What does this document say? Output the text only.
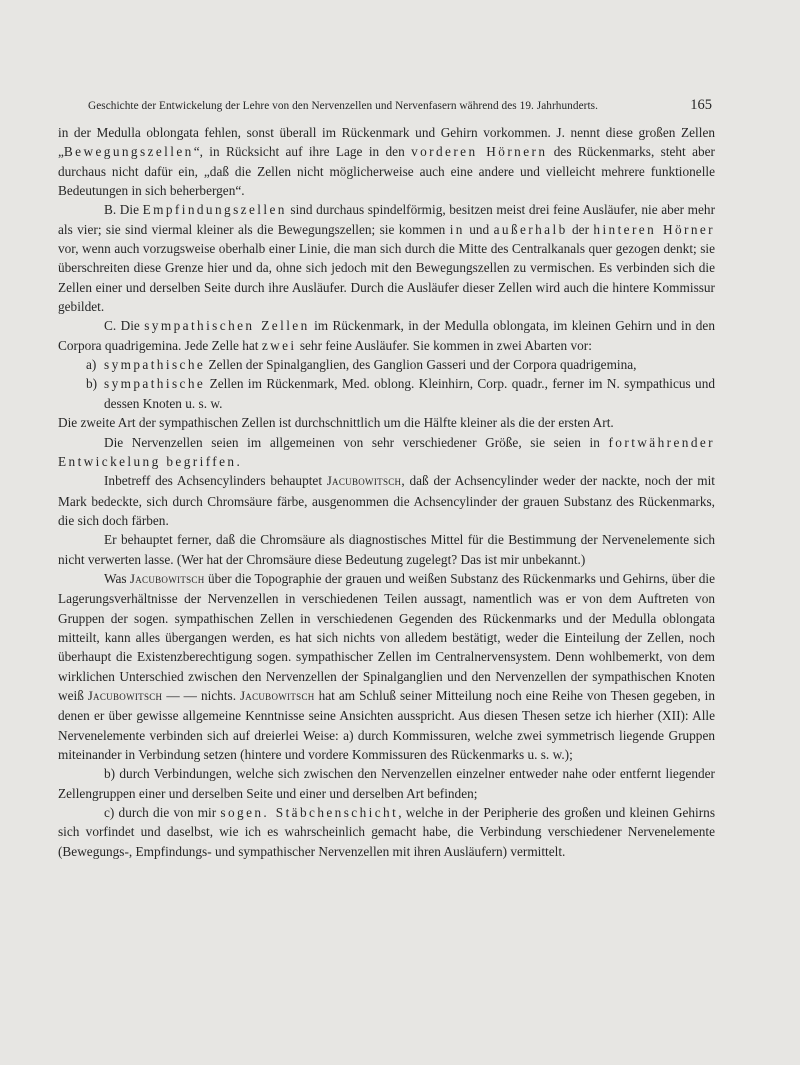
Geschichte der Entwickelung der Lehre von den Nervenzellen und Nervenfasern während des 19. Jahrhunderts.	165

in der Medulla oblongata fehlen, sonst überall im Rückenmark und Gehirn vorkommen. J. nennt diese großen Zellen „Bewegungszellen“, in Rücksicht auf ihre Lage in den vorderen Hörnern des Rückenmarks, steht aber durchaus nicht dafür ein, „daß die Zellen nicht möglicherweise auch eine andere und vielleicht mehrere funktionelle Bedeutungen in sich beherbergen“.

B. Die Empfindungszellen sind durchaus spindelförmig, besitzen meist drei feine Ausläufer, nie aber mehr als vier; sie sind viermal kleiner als die Bewegungszellen; sie kommen in und außerhalb der hinteren Hörner vor, wenn auch vorzugsweise oberhalb einer Linie, die man sich durch die Mitte des Centralkanals quer gezogen denkt; sie überschreiten diese Grenze hier und da, ohne sich jedoch mit den Bewegungszellen zu vermischen. Es verbinden sich die Zellen einer und derselben Seite durch ihre Ausläufer. Durch die Ausläufer dieser Zellen wird auch die hintere Kommissur gebildet.

C. Die sympathischen Zellen im Rückenmark, in der Medulla oblongata, im kleinen Gehirn und in den Corpora quadrigemina. Jede Zelle hat zwei sehr feine Ausläufer. Sie kommen in zwei Abarten vor:

a) sympathische Zellen der Spinalganglien, des Ganglion Gasseri und der Corpora quadrigemina,

b) sympathische Zellen im Rückenmark, Med. oblong. Kleinhirn, Corp. quadr., ferner im N. sympathicus und dessen Knoten u. s. w.

Die zweite Art der sympathischen Zellen ist durchschnittlich um die Hälfte kleiner als die der ersten Art.

Die Nervenzellen seien im allgemeinen von sehr verschiedener Größe, sie seien in fortwährender Entwickelung begriffen.

Inbetreff des Achsencylinders behauptet Jacubowitsch, daß der Achsencylinder weder der nackte, noch der mit Mark bedeckte, sich durch Chromsäure färbe, ausgenommen die Achsencylinder der grauen Substanz des Rückenmarks, die sich doch färben.

Er behauptet ferner, daß die Chromsäure als diagnostisches Mittel für die Bestimmung der Nervenelemente sich nicht verwerten lasse. (Wer hat der Chromsäure diese Bedeutung zugelegt? Das ist mir unbekannt.)

Was Jacubowitsch über die Topographie der grauen und weißen Substanz des Rückenmarks und Gehirns, über die Lagerungsverhältnisse der Nervenzellen in verschiedenen Teilen aussagt, namentlich was er von dem Auftreten von Gruppen der sogen. sympathischen Zellen in verschiedenen Gegenden des Rückenmarks und der Medulla oblongata mitteilt, kann alles übergangen werden, es hat sich nichts von alledem bestätigt, weder die Einteilung der Zellen, noch überhaupt die Existenzberechtigung sogen. sympathischer Zellen im Centralnervensystem. Denn wohlbemerkt, von dem wirklichen Unterschied zwischen den Nervenzellen der Spinalganglien und den Nervenzellen der sympathischen Knoten weiß Jacubowitsch — — nichts. Jacubowitsch hat am Schluß seiner Mitteilung noch eine Reihe von Thesen gegeben, in denen er über gewisse allgemeine Kenntnisse seine Ansichten ausspricht. Aus diesen Thesen setze ich hierher (XII): Alle Nervenelemente verbinden sich auf dreierlei Weise: a) durch Kommissuren, welche zwei symmetrisch liegende Gruppen miteinander in Verbindung setzen (hintere und vordere Kommissuren des Rückenmarks u. s. w.);

b) durch Verbindungen, welche sich zwischen den Nervenzellen einzelner entweder nahe oder entfernt liegender Zellengruppen einer und derselben Seite und einer und derselben Art befinden;

c) durch die von mir sogen. Stäbchenschicht, welche in der Peripherie des großen und kleinen Gehirns sich vorfindet und daselbst, wie ich es wahrscheinlich gemacht habe, die Verbindung verschiedener Nervenelemente (Bewegungs-, Empfindungs- und sympathischer Nervenzellen mit ihren Ausläufern) vermittelt.
